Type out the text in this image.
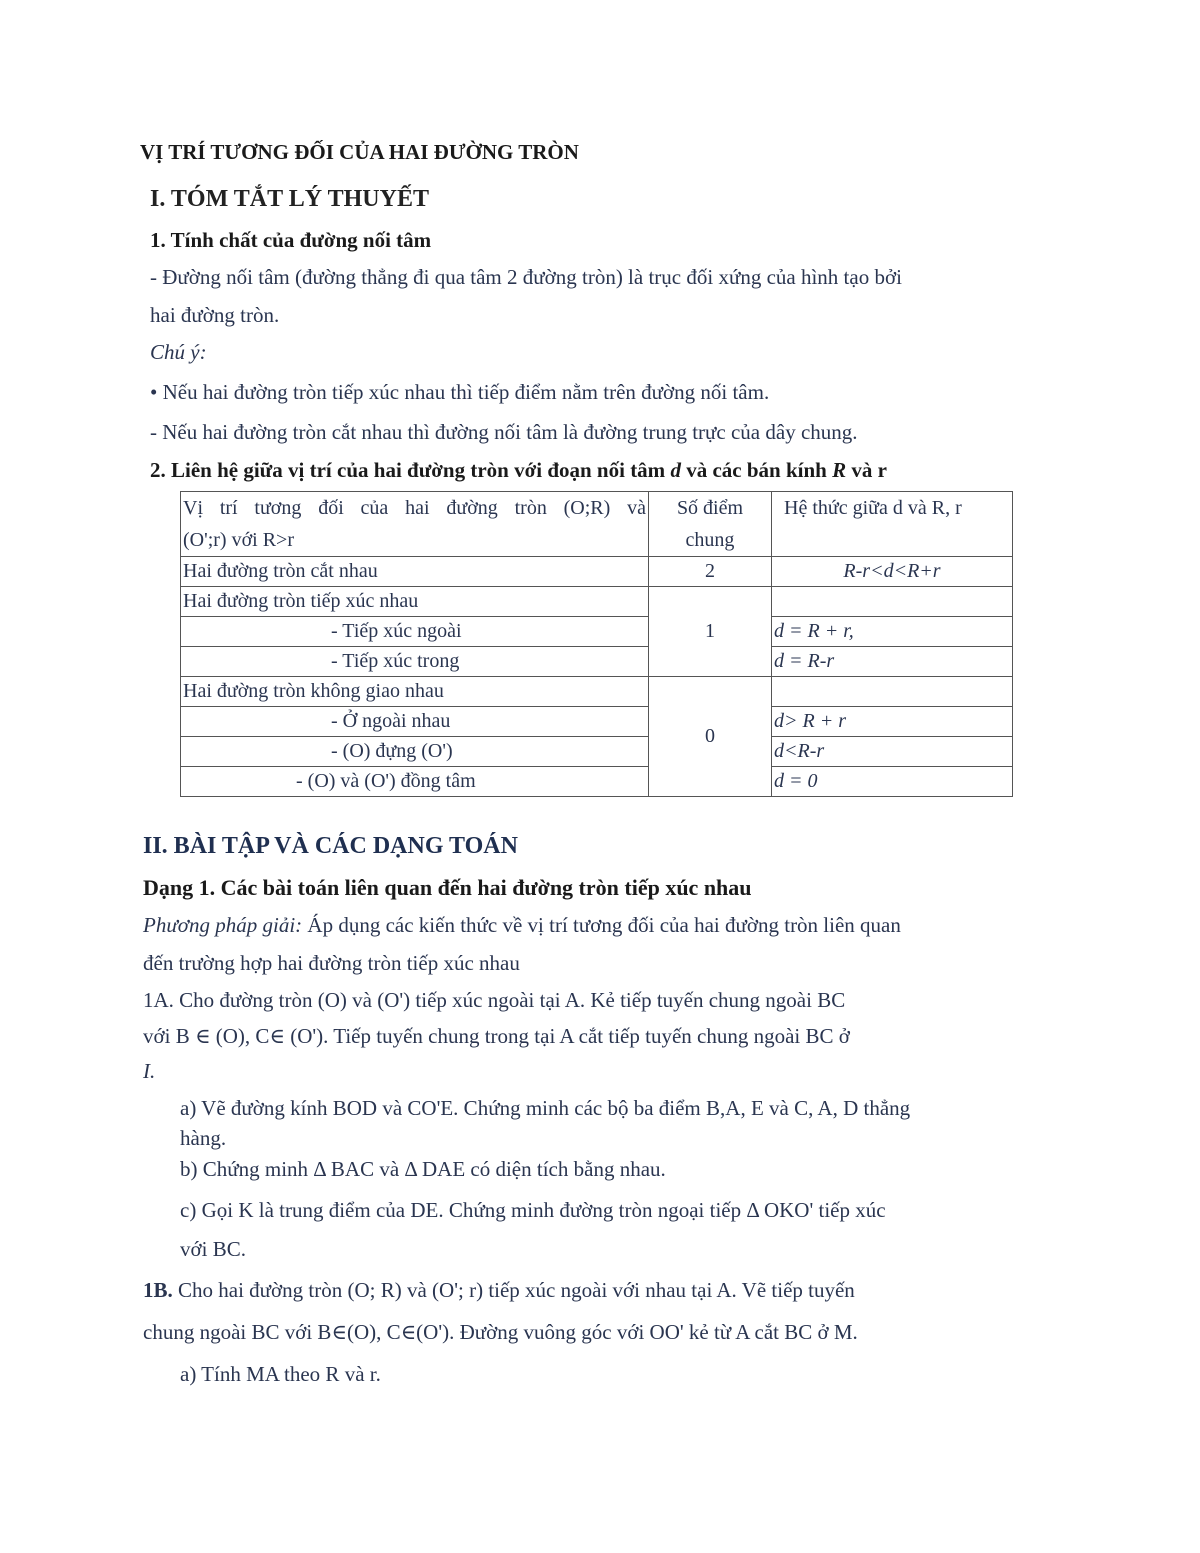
VỊ TRÍ TƯƠNG ĐỐI CỦA HAI ĐƯỜNG TRÒN
I. TÓM TẮT LÝ THUYẾT
1. Tính chất của đường nối tâm
- Đường nối tâm (đường thẳng đi qua tâm 2 đường tròn) là trục đối xứng của hình tạo bởi
hai đường tròn.
Chú ý:
• Nếu hai đường tròn tiếp xúc nhau thì tiếp điểm nằm trên đường nối tâm.
- Nếu hai đường tròn cắt nhau thì đường nối tâm là đường trung trực của dây chung.
2. Liên hệ giữa vị trí của hai đường tròn với đoạn nối tâm d và các bán kính R và r
Vị trí tương đối của hai đường tròn (O;R) và
(O';r) với R>r	Số điểm
chung	Hệ thức giữa d và R, r
Hai đường tròn cắt nhau	2	R-r<d<R+r
Hai đường tròn tiếp xúc nhau	1	
- Tiếp xúc ngoài		d = R + r,
- Tiếp xúc trong		d = R-r
Hai đường tròn không giao nhau	0	
- Ở ngoài nhau		d> R + r
- (O) đựng (O')		d<R-r
- (O) và (O') đồng tâm		d = 0
II. BÀI TẬP VÀ CÁC DẠNG TOÁN
Dạng 1. Các bài toán liên quan đến hai đường tròn tiếp xúc nhau
Phương pháp giải: Áp dụng các kiến thức về vị trí tương đối của hai đường tròn liên quan
đến trường hợp hai đường tròn tiếp xúc nhau
1A. Cho đường tròn (O) và (O') tiếp xúc ngoài tại A. Kẻ tiếp tuyến chung ngoài BC
với B ∈ (O), C∈ (O'). Tiếp tuyến chung trong tại A cắt tiếp tuyến chung ngoài BC ở
I.
a) Vẽ đường kính BOD và CO'E. Chứng minh các bộ ba điểm B,A, E và C, A, D thẳng
hàng.
b) Chứng minh Δ BAC và Δ DAE có diện tích bằng nhau.
c) Gọi K là trung điểm của DE. Chứng minh đường tròn ngoại tiếp Δ OKO' tiếp xúc
với BC.
1B. Cho hai đường tròn (O; R) và (O'; r) tiếp xúc ngoài với nhau tại A. Vẽ tiếp tuyến
chung ngoài BC với B∈(O), C∈(O'). Đường vuông góc với OO' kẻ từ A cắt BC ở M.
a) Tính MA theo R và r.
